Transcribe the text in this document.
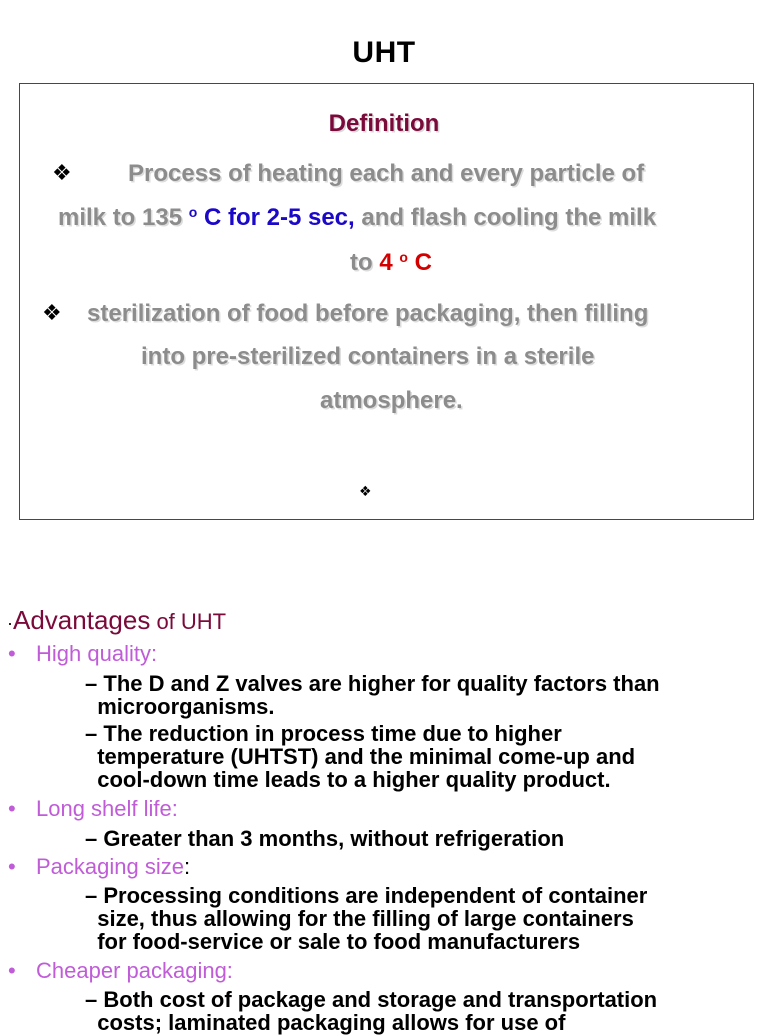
UHT
Definition
❖ Process of heating each and every particle of
milk to 135 $^o$ C for 2-5 sec, and flash cooling the milk
to 4 $^o$ C
❖ sterilization of food before packaging, then filling
into pre-sterilized containers in a sterile
atmosphere.
❖
·Advantages of UHT
• High quality:
– The D and Z valves are higher for quality factors than
microorganisms.
– The reduction in process time due to higher
temperature (UHTST) and the minimal come-up and
cool-down time leads to a higher quality product.
• Long shelf life:
– Greater than 3 months, without refrigeration
• Packaging size:
– Processing conditions are independent of container
size, thus allowing for the filling of large containers
for food-service or sale to food manufacturers
• Cheaper packaging:
– Both cost of package and storage and transportation
costs; laminated packaging allows for use of
